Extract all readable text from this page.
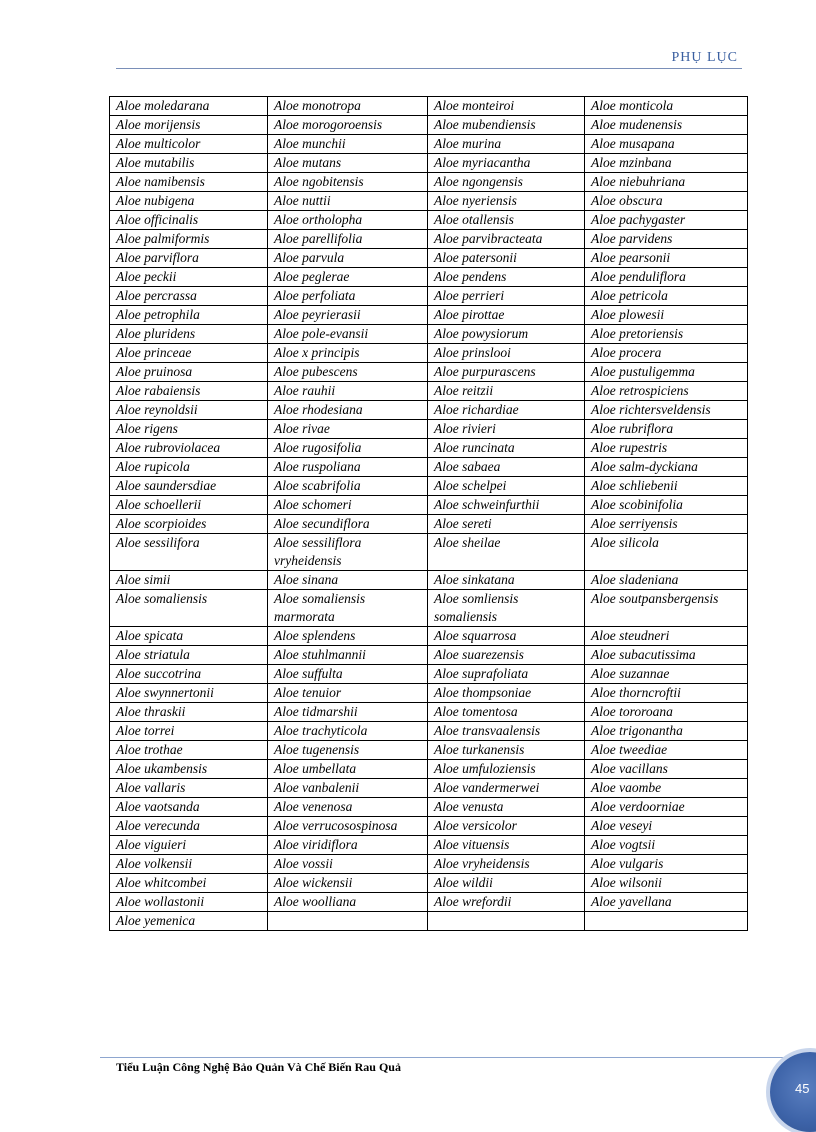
PHỤ LỤC
Aloe moledarana	Aloe monotropa	Aloe monteiroi	Aloe monticola
Aloe morijensis	Aloe morogoroensis	Aloe mubendiensis	Aloe mudenensis
Aloe multicolor	Aloe munchii	Aloe murina	Aloe musapana
Aloe mutabilis	Aloe mutans	Aloe myriacantha	Aloe mzinbana
Aloe namibensis	Aloe ngobitensis	Aloe ngongensis	Aloe niebuhriana
Aloe nubigena	Aloe nuttii	Aloe nyeriensis	Aloe obscura
Aloe officinalis	Aloe ortholopha	Aloe otallensis	Aloe pachygaster
Aloe palmiformis	Aloe parellifolia	Aloe parvibracteata	Aloe parvidens
Aloe parviflora	Aloe parvula	Aloe patersonii	Aloe pearsonii
Aloe peckii	Aloe peglerae	Aloe pendens	Aloe penduliflora
Aloe percrassa	Aloe perfoliata	Aloe perrieri	Aloe petricola
Aloe petrophila	Aloe peyrierasii	Aloe pirottae	Aloe plowesii
Aloe pluridens	Aloe pole-evansii	Aloe powysiorum	Aloe pretoriensis
Aloe princeae	Aloe x principis	Aloe prinslooi	Aloe procera
Aloe pruinosa	Aloe pubescens	Aloe purpurascens	Aloe pustuligemma
Aloe rabaiensis	Aloe rauhii	Aloe reitzii	Aloe retrospiciens
Aloe reynoldsii	Aloe rhodesiana	Aloe richardiae	Aloe richtersveldensis
Aloe rigens	Aloe rivae	Aloe rivieri	Aloe rubriflora
Aloe rubroviolacea	Aloe rugosifolia	Aloe runcinata	Aloe rupestris
Aloe rupicola	Aloe ruspoliana	Aloe sabaea	Aloe salm-dyckiana
Aloe saundersdiae	Aloe scabrifolia	Aloe schelpei	Aloe schliebenii
Aloe schoellerii	Aloe schomeri	Aloe schweinfurthii	Aloe scobinifolia
Aloe scorpioides	Aloe secundiflora	Aloe sereti	Aloe serriyensis
Aloe sessilifora	Aloe sessiliflora vryheidensis	Aloe sheilae	Aloe silicola
Aloe simii	Aloe sinana	Aloe sinkatana	Aloe sladeniana
Aloe somaliensis	Aloe somaliensis marmorata	Aloe somliensis somaliensis	Aloe soutpansbergensis
Aloe spicata	Aloe splendens	Aloe squarrosa	Aloe steudneri
Aloe striatula	Aloe stuhlmannii	Aloe suarezensis	Aloe subacutissima
Aloe succotrina	Aloe suffulta	Aloe suprafoliata	Aloe suzannae
Aloe swynnertonii	Aloe tenuior	Aloe thompsoniae	Aloe thorncroftii
Aloe thraskii	Aloe tidmarshii	Aloe tomentosa	Aloe tororoana
Aloe torrei	Aloe trachyticola	Aloe transvaalensis	Aloe trigonantha
Aloe trothae	Aloe tugenensis	Aloe turkanensis	Aloe tweediae
Aloe ukambensis	Aloe umbellata	Aloe umfuloziensis	Aloe vacillans
Aloe vallaris	Aloe vanbalenii	Aloe vandermerwei	Aloe vaombe
Aloe vaotsanda	Aloe venenosa	Aloe venusta	Aloe verdoorniae
Aloe verecunda	Aloe verrucosospinosa	Aloe versicolor	Aloe veseyi
Aloe viguieri	Aloe viridiflora	Aloe vituensis	Aloe vogtsii
Aloe volkensii	Aloe vossii	Aloe vryheidensis	Aloe vulgaris
Aloe whitcombei	Aloe wickensii	Aloe wildii	Aloe wilsonii
Aloe wollastonii	Aloe woolliana	Aloe wrefordii	Aloe yavellana
Aloe yemenica			
Tiểu Luận Công Nghệ Bảo Quản Và Chế Biến Rau Quả
45
